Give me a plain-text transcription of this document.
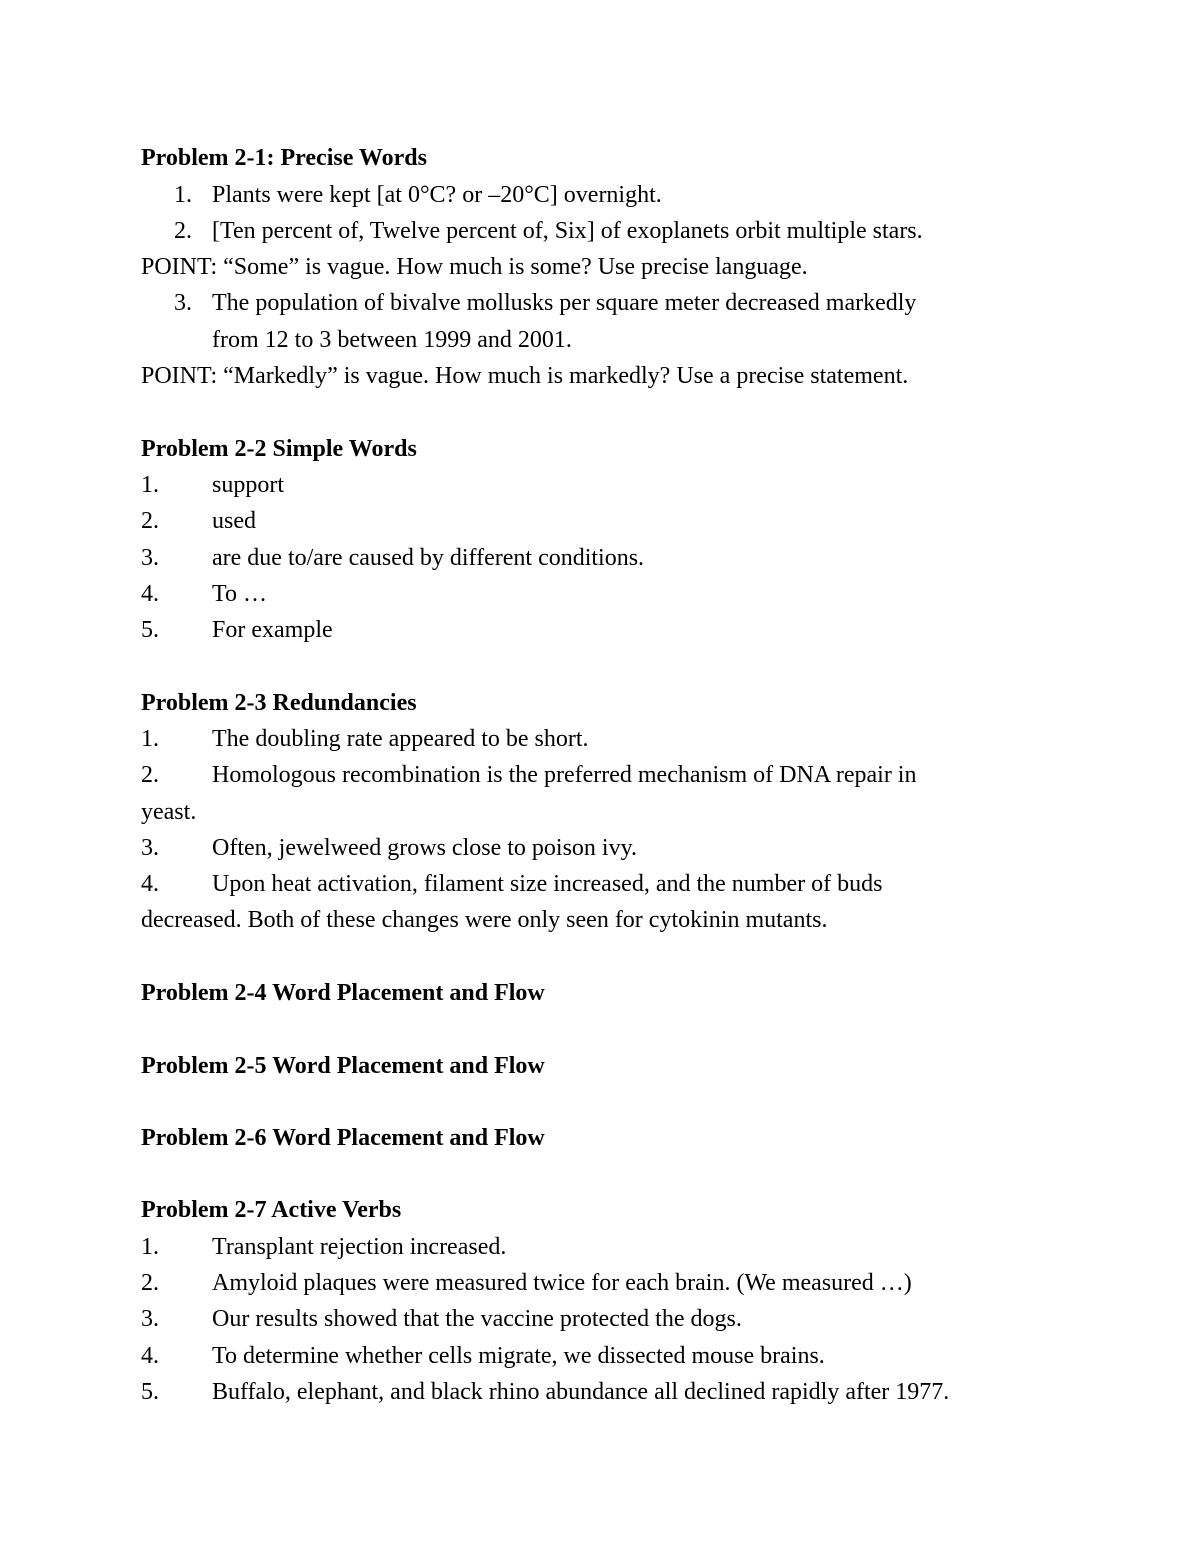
Problem 2-1: Precise Words
1. Plants were kept [at 0°C? or –20°C] overnight.
2. [Ten percent of, Twelve percent of, Six] of exoplanets orbit multiple stars.
POINT: “Some” is vague. How much is some? Use precise language.
3. The population of bivalve mollusks per square meter decreased markedly
from 12 to 3 between 1999 and 2001.
POINT: “Markedly” is vague. How much is markedly? Use a precise statement.
Problem 2-2 Simple Words
1. support
2. used
3. are due to/are caused by different conditions.
4. To …
5. For example
Problem 2-3 Redundancies
1. The doubling rate appeared to be short.
2. Homologous recombination is the preferred mechanism of DNA repair in
yeast.
3. Often, jewelweed grows close to poison ivy.
4. Upon heat activation, filament size increased, and the number of buds
decreased. Both of these changes were only seen for cytokinin mutants.
Problem 2-4 Word Placement and Flow
Problem 2-5 Word Placement and Flow
Problem 2-6 Word Placement and Flow
Problem 2-7 Active Verbs
1. Transplant rejection increased.
2. Amyloid plaques were measured twice for each brain. (We measured …)
3. Our results showed that the vaccine protected the dogs.
4. To determine whether cells migrate, we dissected mouse brains.
5. Buffalo, elephant, and black rhino abundance all declined rapidly after 1977.
